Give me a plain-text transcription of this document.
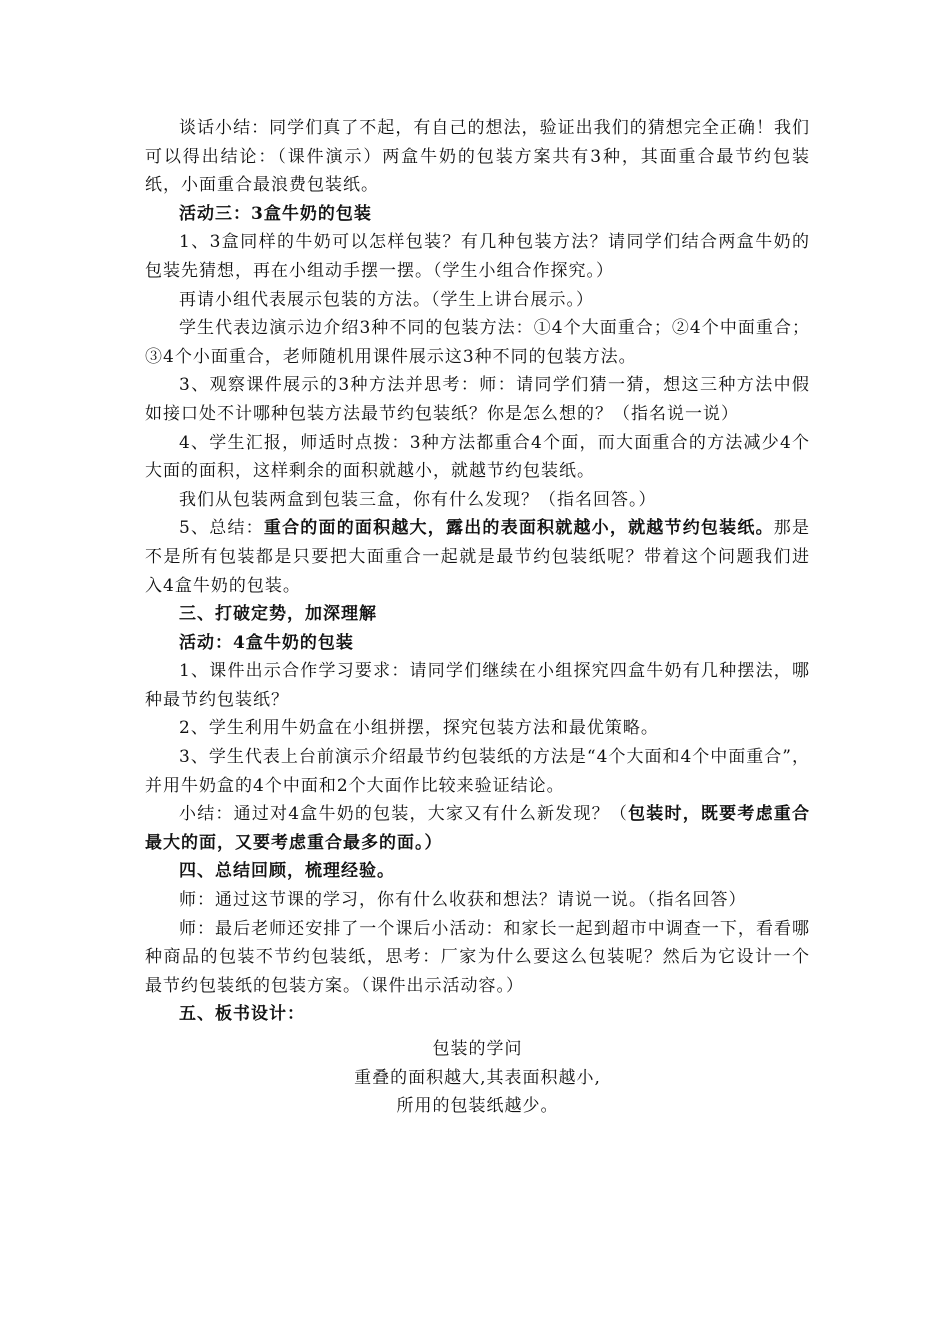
谈话小结：同学们真了不起，有自己的想法，验证出我们的猜想完全正确！我们可以得出结论：（课件演示）两盒牛奶的包装方案共有3种，其面重合最节约包装纸，小面重合最浪费包装纸。

活动三：3盒牛奶的包装

1、3盒同样的牛奶可以怎样包装？有几种包装方法？请同学们结合两盒牛奶的包装先猜想，再在小组动手摆一摆。（学生小组合作探究。）

再请小组代表展示包装的方法。（学生上讲台展示。）

学生代表边演示边介绍3种不同的包装方法：①4个大面重合；②4个中面重合； ③4个小面重合，老师随机用课件展示这3种不同的包装方法。

3、观察课件展示的3种方法并思考：师：请同学们猜一猜，想这三种方法中假如接口处不计哪种包装方法最节约包装纸？你是怎么想的？（指名说一说）

4、学生汇报，师适时点拨：3种方法都重合4个面，而大面重合的方法减少4个大面的面积，这样剩余的面积就越小，就越节约包装纸。

我们从包装两盒到包装三盒，你有什么发现？（指名回答。）

5、总结：重合的面的面积越大，露出的表面积就越小，就越节约包装纸。那是不是所有包装都是只要把大面重合一起就是最节约包装纸呢？带着这个问题我们进入4盒牛奶的包装。

三、打破定势，加深理解

活动：4盒牛奶的包装

1、课件出示合作学习要求：请同学们继续在小组探究四盒牛奶有几种摆法，哪种最节约包装纸？

2、学生利用牛奶盒在小组拼摆，探究包装方法和最优策略。

3、学生代表上台前演示介绍最节约包装纸的方法是“4个大面和4个中面重合”，并用牛奶盒的4个中面和2个大面作比较来验证结论。

小结：通过对4盒牛奶的包装，大家又有什么新发现？（包装时，既要考虑重合最大的面，又要考虑重合最多的面。）

四、总结回顾，梳理经验。

师：通过这节课的学习，你有什么收获和想法？请说一说。（指名回答）

师：最后老师还安排了一个课后小活动：和家长一起到超市中调查一下，看看哪种商品的包装不节约包装纸，思考：厂家为什么要这么包装呢？然后为它设计一个最节约包装纸的包装方案。（课件出示活动容。）

五、板书设计：

包装的学问

重叠的面积越大,其表面积越小,

所用的包装纸越少。
